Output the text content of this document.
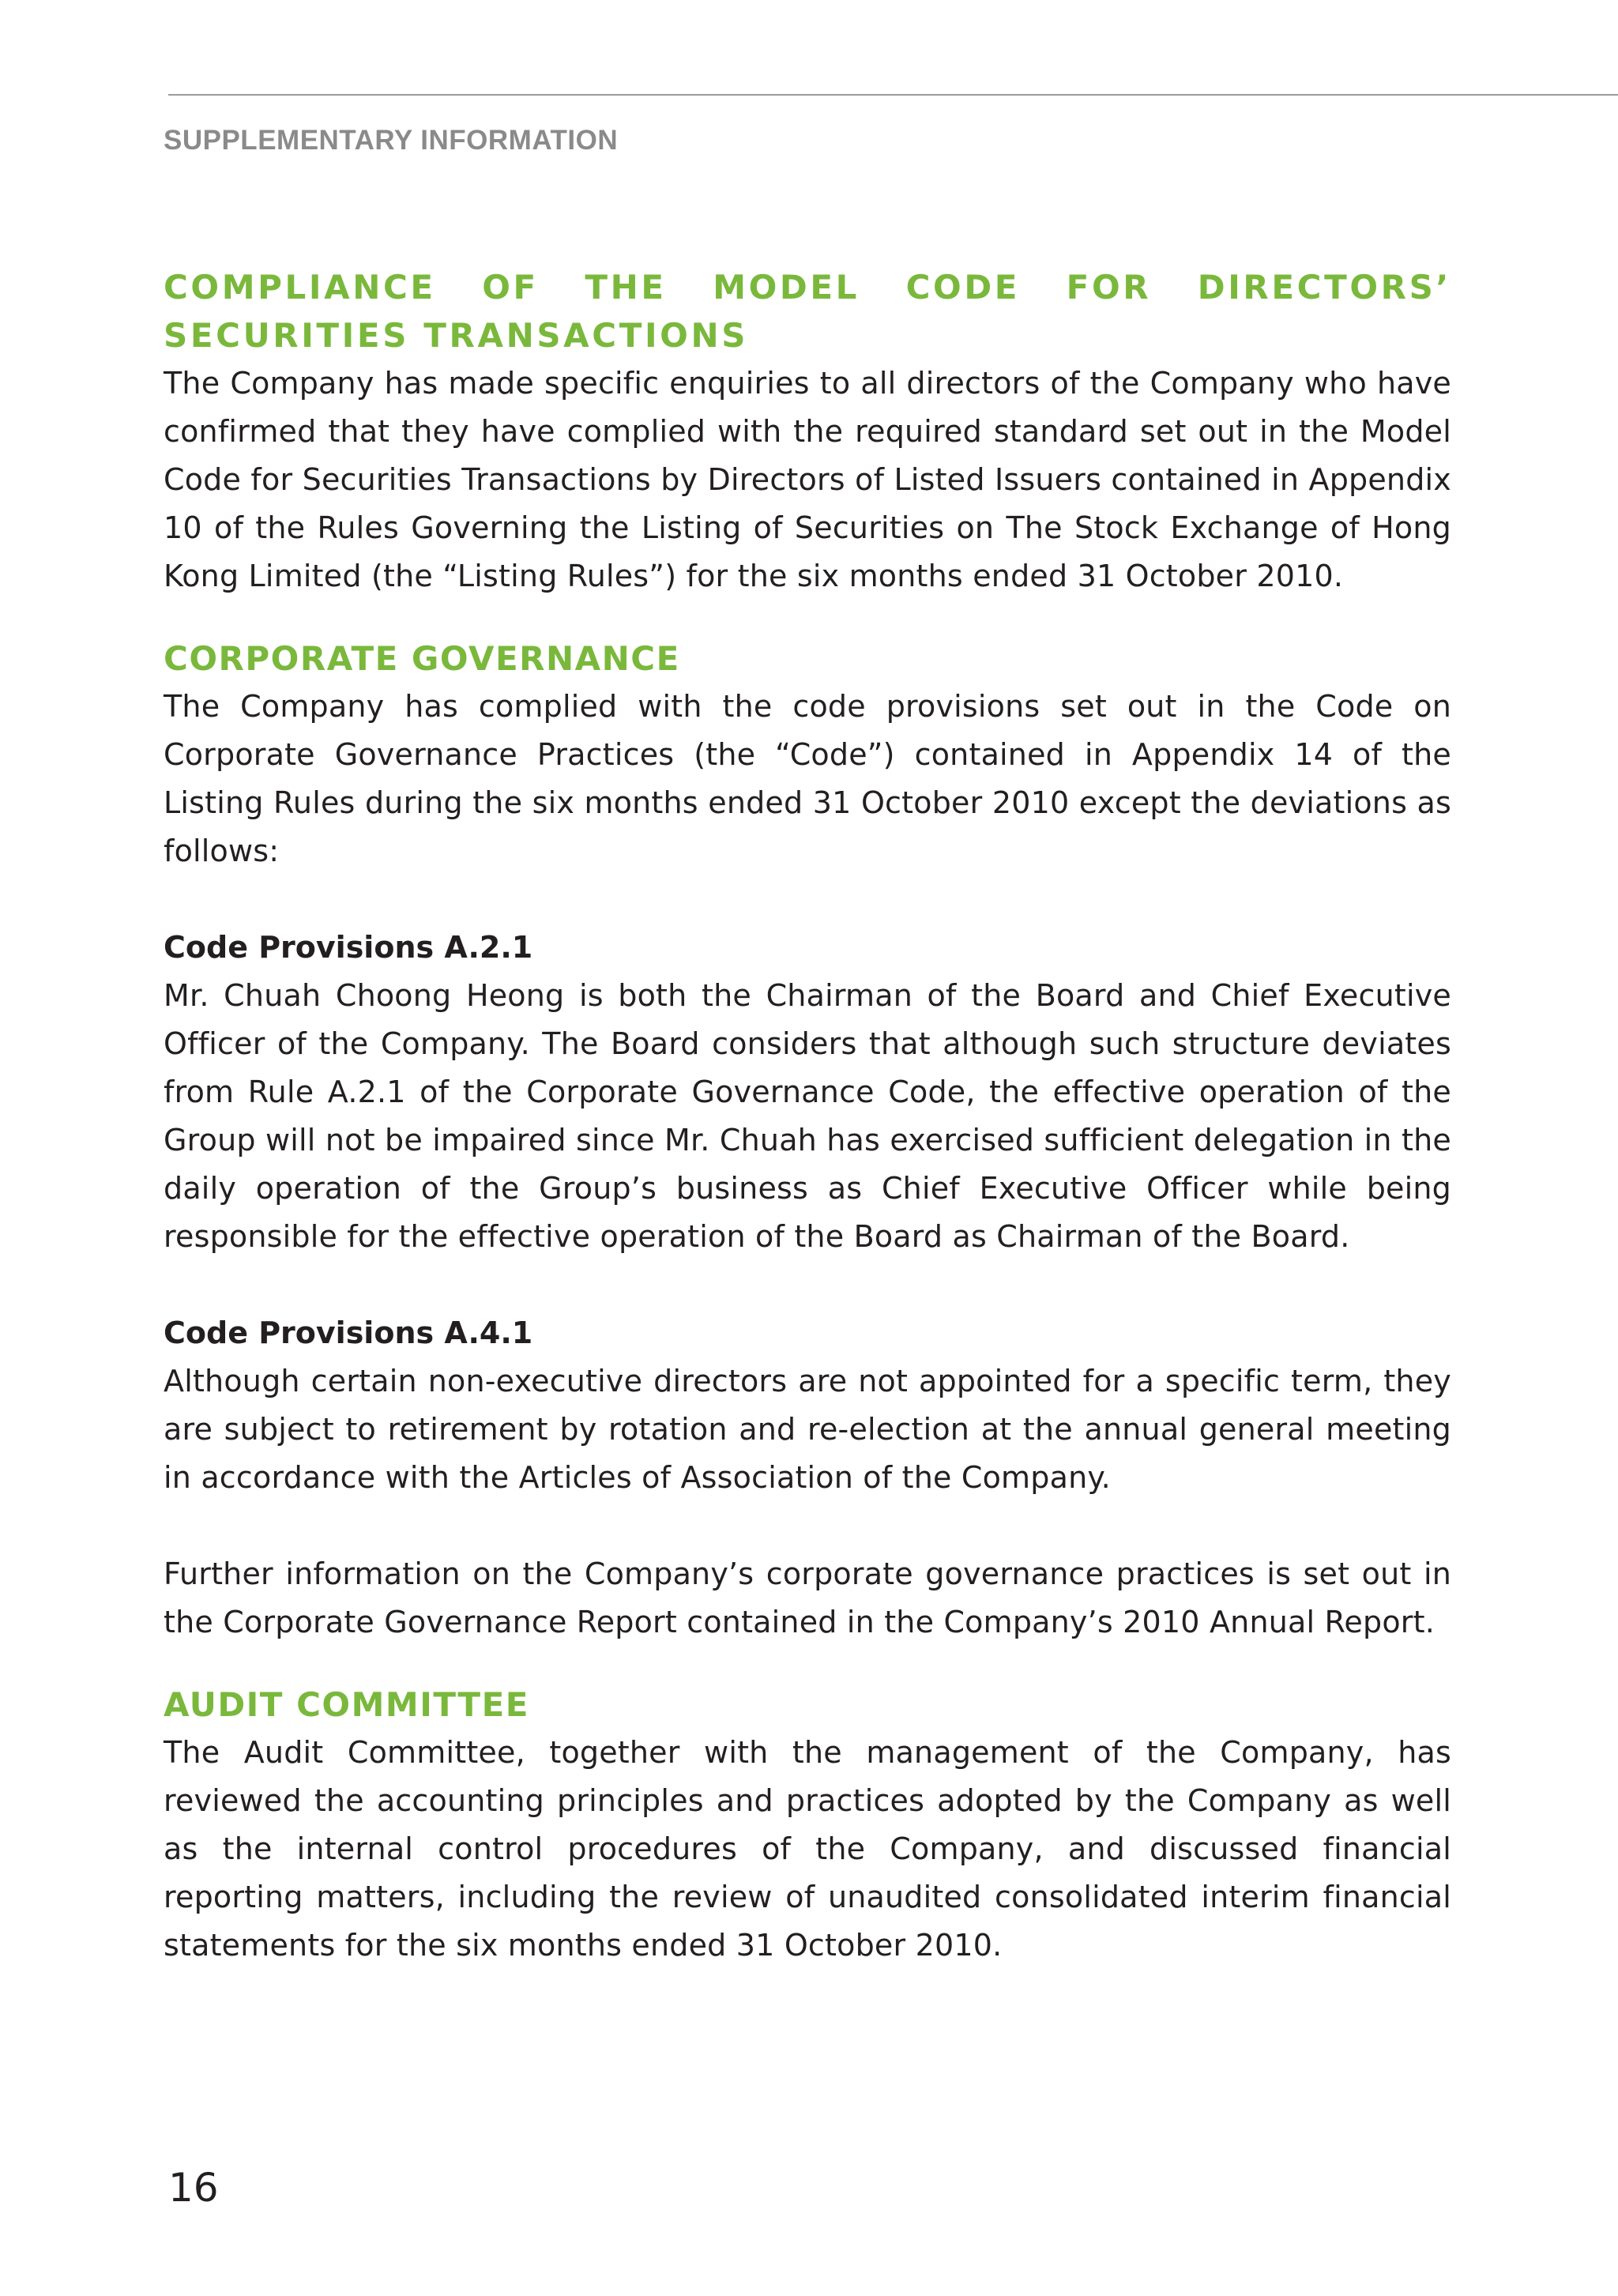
SUPPLEMENTARY INFORMATION
COMPLIANCE OF THE MODEL CODE FOR DIRECTORS’ SECURITIES TRANSACTIONS

The Company has made specific enquiries to all directors of the Company who have confirmed that they have complied with the required standard set out in the Model Code for Securities Transactions by Directors of Listed Issuers contained in Appendix 10 of the Rules Governing the Listing of Securities on The Stock Exchange of Hong Kong Limited (the “Listing Rules”) for the six months ended 31 October 2010.

CORPORATE GOVERNANCE

The Company has complied with the code provisions set out in the Code on Corporate Governance Practices (the “Code”) contained in Appendix 14 of the Listing Rules during the six months ended 31 October 2010 except the deviations as follows:

Code Provisions A.2.1

Mr. Chuah Choong Heong is both the Chairman of the Board and Chief Executive Officer of the Company. The Board considers that although such structure deviates from Rule A.2.1 of the Corporate Governance Code, the effective operation of the Group will not be impaired since Mr. Chuah has exercised sufficient delegation in the daily operation of the Group’s business as Chief Executive Officer while being responsible for the effective operation of the Board as Chairman of the Board.

Code Provisions A.4.1

Although certain non-executive directors are not appointed for a specific term, they are subject to retirement by rotation and re-election at the annual general meeting in accordance with the Articles of Association of the Company.

Further information on the Company’s corporate governance practices is set out in the Corporate Governance Report contained in the Company’s 2010 Annual Report.

AUDIT COMMITTEE

The Audit Committee, together with the management of the Company, has reviewed the accounting principles and practices adopted by the Company as well as the internal control procedures of the Company, and discussed financial reporting matters, including the review of unaudited consolidated interim financial statements for the six months ended 31 October 2010.

16
